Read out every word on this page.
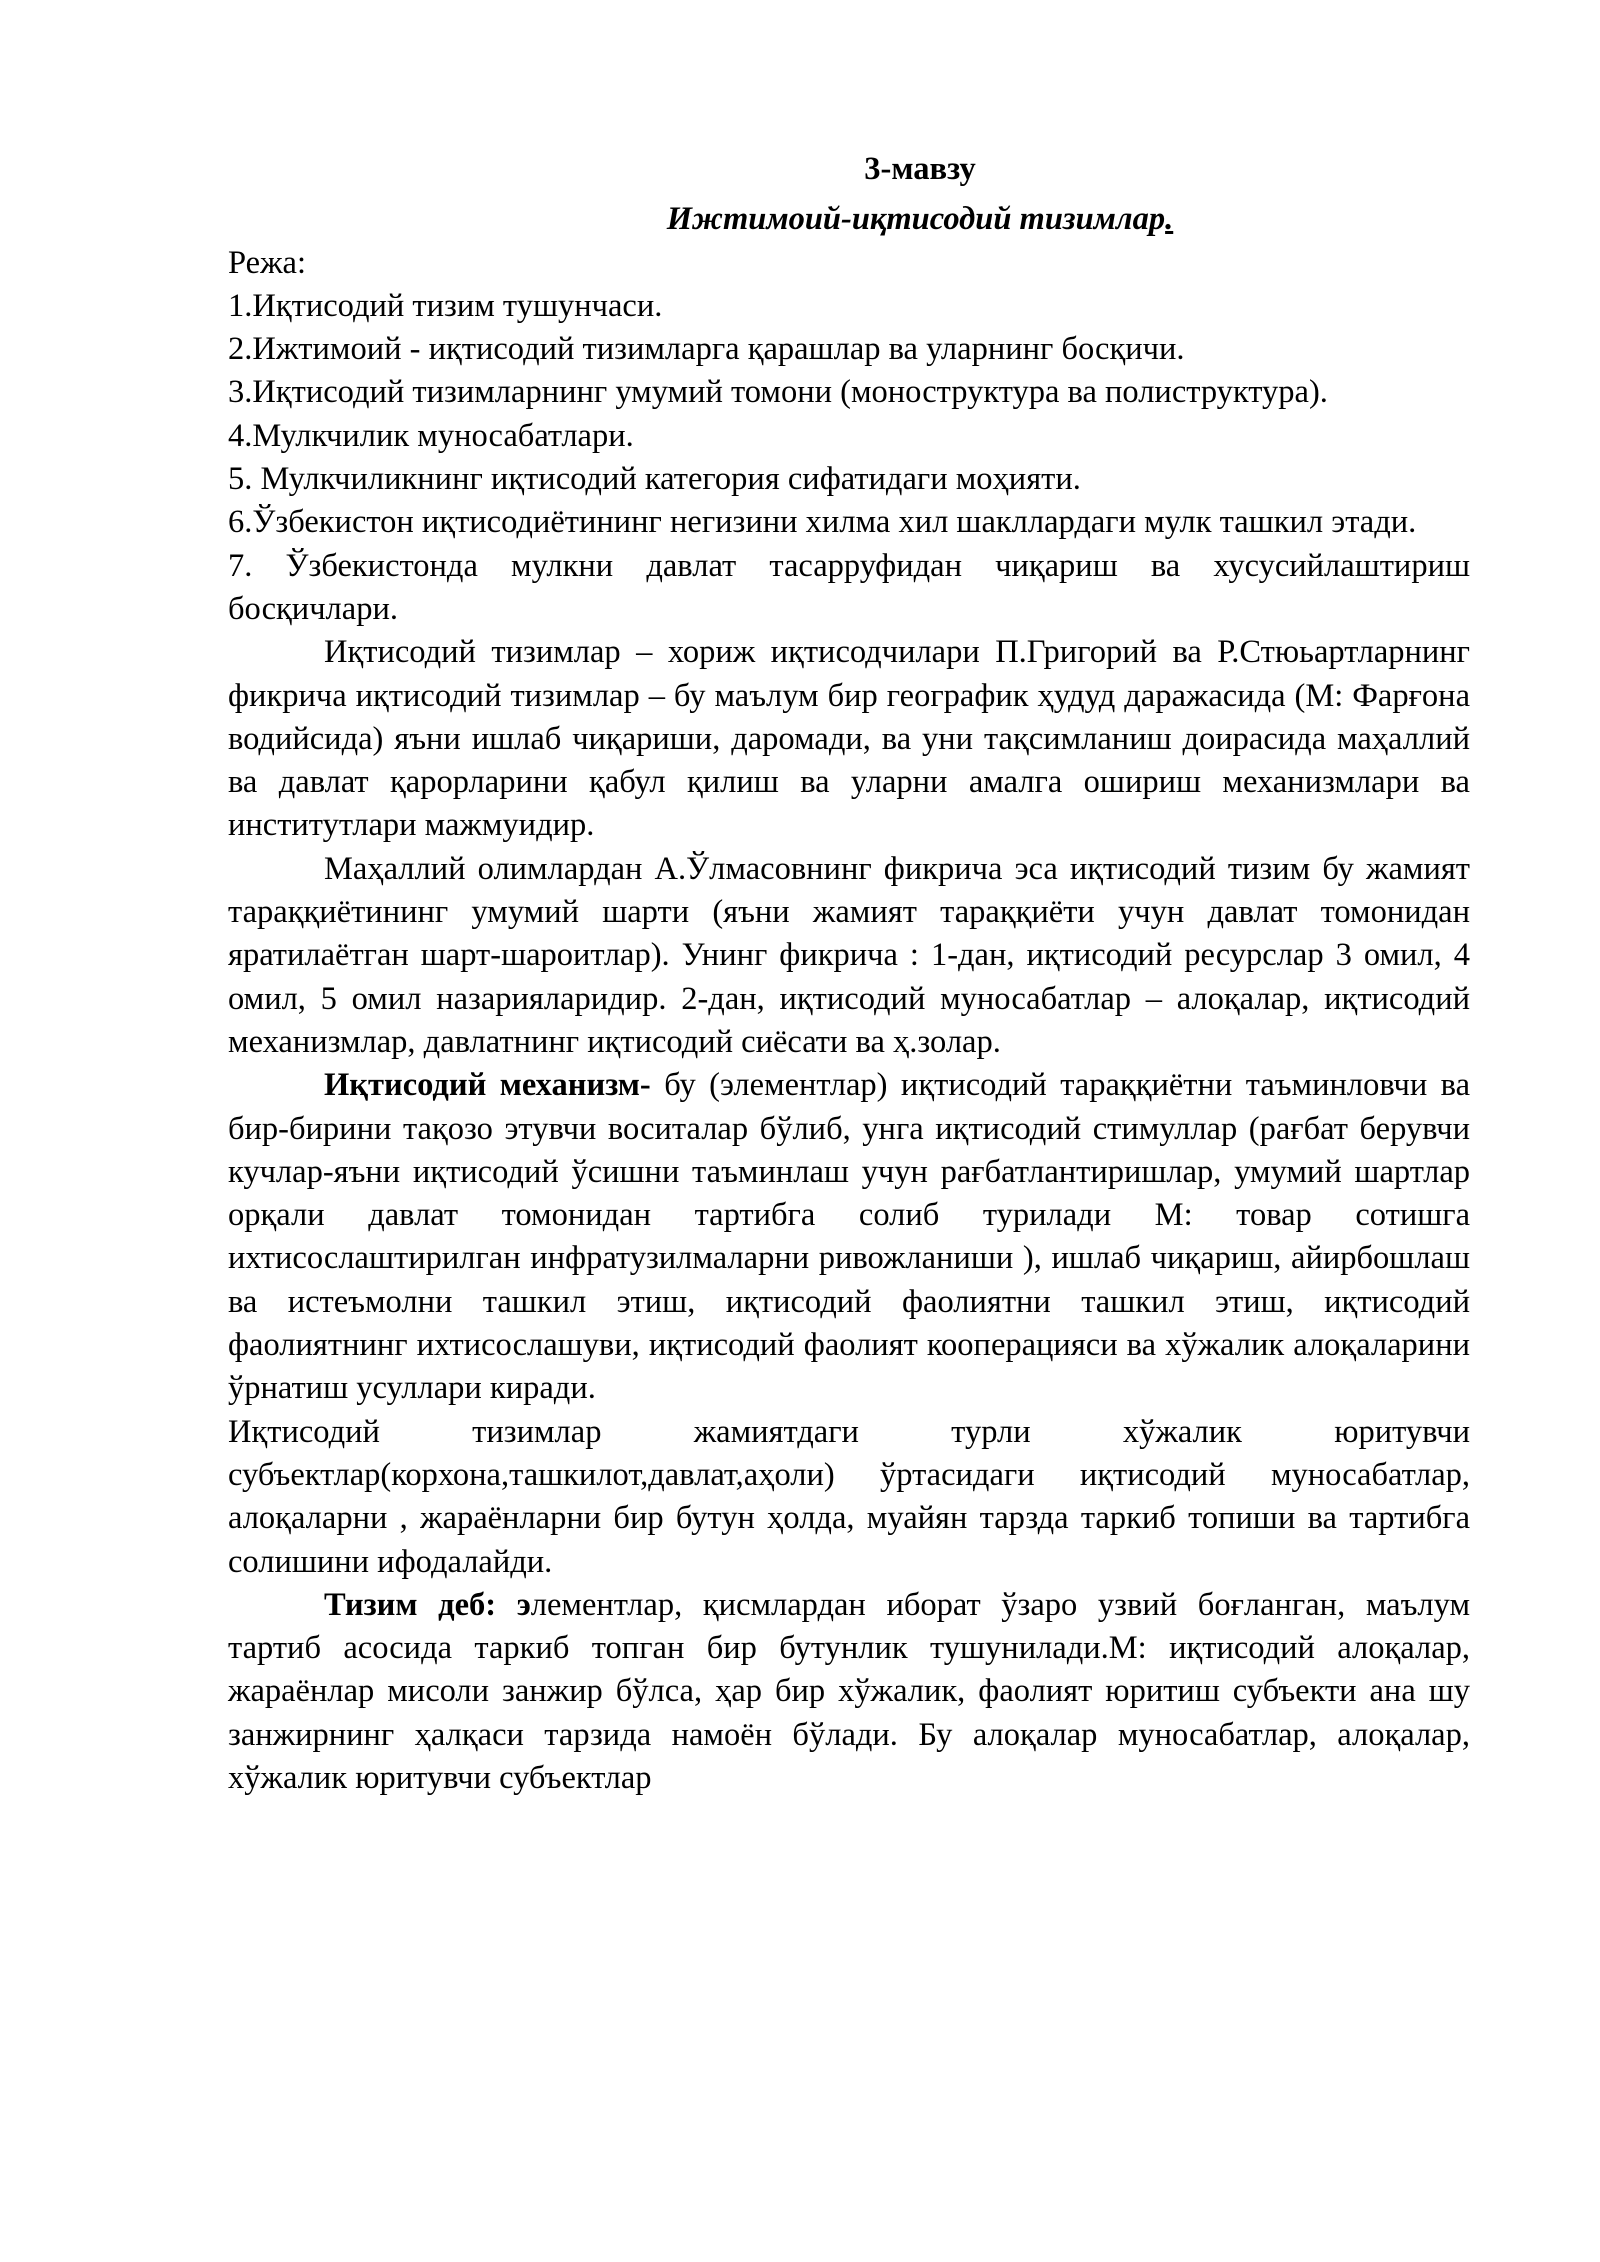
3-мавзу

Ижтимоий-иқтисодий тизимлар.

Режа:

1.Иқтисодий тизим тушунчаси.

2.Ижтимоий - иқтисодий тизимларга қарашлар ва уларнинг босқичи.

3.Иқтисодий тизимларнинг умумий томони (моноструктура ва полиструктура).

4.Мулкчилик муносабатлари.

5. Мулкчиликнинг иқтисодий категория сифатидаги моҳияти.

6.Ўзбекистон иқтисодиётининг негизини хилма хил шакллардаги мулк ташкил этади.

7. Ўзбекистонда мулкни давлат тасарруфидан чиқариш ва хусусийлаштириш босқичлари.

Иқтисодий тизимлар – хориж иқтисодчилари П.Григорий ва Р.Стюьартларнинг фикрича иқтисодий тизимлар – бу маълум бир географик ҳудуд даражасида (М: Фарғона водийсида) яъни ишлаб чиқариши, даромади, ва уни тақсимланиш доирасида маҳаллий ва давлат қарорларини қабул қилиш ва уларни амалга ошириш механизмлари ва институтлари мажмуидир.

Маҳаллий олимлардан А.Ўлмасовнинг фикрича эса иқтисодий тизим бу жамият тараққиётининг умумий шарти (яъни жамият тараққиёти учун давлат томонидан яратилаётган шарт-шароитлар). Унинг фикрича : 1-дан, иқтисодий ресурслар 3 омил, 4 омил, 5 омил назарияларидир. 2-дан, иқтисодий муносабатлар – алоқалар, иқтисодий механизмлар, давлатнинг иқтисодий сиёсати ва ҳ.золар.

Иқтисодий механизм- бу (элементлар) иқтисодий тараққиётни таъминловчи ва бир-бирини тақозо этувчи воситалар бўлиб, унга иқтисодий стимуллар (рағбат берувчи кучлар-яъни иқтисодий ўсишни таъминлаш учун рағбатлантиришлар, умумий шартлар орқали давлат томонидан тартибга солиб турилади М: товар сотишга ихтисослаштирилган инфратузилмаларни ривожланиши ), ишлаб чиқариш, айирбошлаш ва истеъмолни ташкил этиш, иқтисодий фаолиятни ташкил этиш, иқтисодий фаолиятнинг ихтисослашуви, иқтисодий фаолият кооперацияси ва хўжалик алоқаларини ўрнатиш усуллари киради.

Иқтисодий тизимлар жамиятдаги турли хўжалик юритувчи субъектлар(корхона,ташкилот,давлат,аҳоли) ўртасидаги иқтисодий муносабатлар, алоқаларни , жараёнларни бир бутун ҳолда, муайян тарзда таркиб топиши ва тартибга солишини ифодалайди.

Тизим деб: элементлар, қисмлардан иборат ўзаро узвий боғланган, маълум тартиб асосида таркиб топган бир бутунлик тушунилади.М: иқтисодий алоқалар, жараёнлар мисоли занжир бўлса, ҳар бир хўжалик, фаолият юритиш субъекти ана шу занжирнинг ҳалқаси тарзида намоён бўлади. Бу алоқалар муносабатлар, алоқалар, хўжалик юритувчи субъектлар
